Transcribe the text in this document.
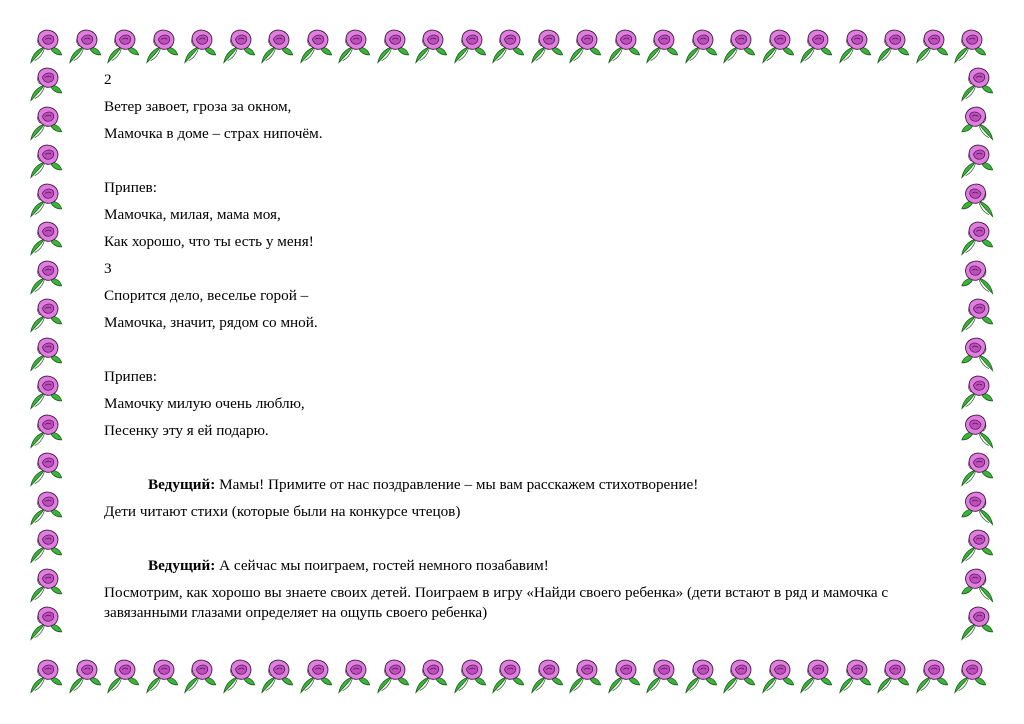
2

Ветер завоет, гроза за окном,

Мамочка в доме – страх нипочём.

Припев:

Мамочка, милая, мама моя,

Как хорошо, что ты есть у меня!

3

Спорится дело, веселье горой –

Мамочка, значит, рядом со мной.

Припев:

Мамочку милую очень люблю,

Песенку эту я ей подарю.

Ведущий: Мамы! Примите от нас поздравление – мы вам расскажем стихотворение!

Дети читают стихи (которые были на конкурсе чтецов)

Ведущий: А сейчас мы поиграем, гостей немного позабавим!

Посмотрим, как хорошо вы знаете своих детей. Поиграем в игру «Найди своего ребенка» (дети встают в ряд и мамочка с завязанными глазами определяет на ощупь своего ребенка)
